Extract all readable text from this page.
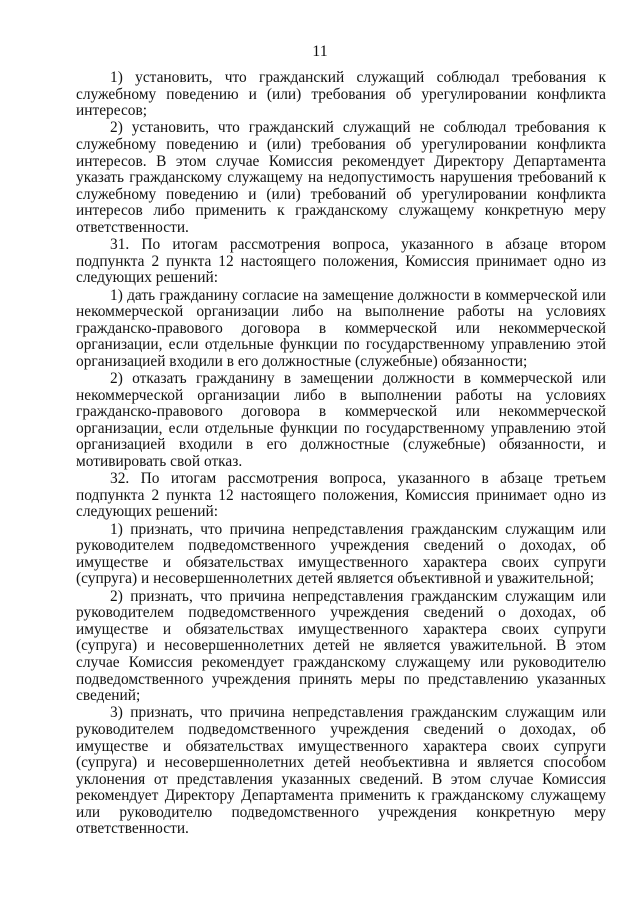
11

1) установить, что гражданский служащий соблюдал требования к служебному поведению и (или) требования об урегулировании конфликта интересов;

2) установить, что гражданский служащий не соблюдал требования к служебному поведению и (или) требования об урегулировании конфликта интересов. В этом случае Комиссия рекомендует Директору Департамента указать гражданскому служащему на недопустимость нарушения требований к служебному поведению и (или) требований об урегулировании конфликта интересов либо применить к гражданскому служащему конкретную меру ответственности.

31. По итогам рассмотрения вопроса, указанного в абзаце втором подпункта 2 пункта 12 настоящего положения, Комиссия принимает одно из следующих решений:

1) дать гражданину согласие на замещение должности в коммерческой или некоммерческой организации либо на выполнение работы на условиях гражданско-правового договора в коммерческой или некоммерческой организации, если отдельные функции по государственному управлению этой организацией входили в его должностные (служебные) обязанности;

2) отказать гражданину в замещении должности в коммерческой или некоммерческой организации либо в выполнении работы на условиях гражданско-правового договора в коммерческой или некоммерческой организации, если отдельные функции по государственному управлению этой организацией входили в его должностные (служебные) обязанности, и мотивировать свой отказ.

32. По итогам рассмотрения вопроса, указанного в абзаце третьем подпункта 2 пункта 12 настоящего положения, Комиссия принимает одно из следующих решений:

1) признать, что причина непредставления гражданским служащим или руководителем подведомственного учреждения сведений о доходах, об имуществе и обязательствах имущественного характера своих супруги (супруга) и несовершеннолетних детей является объективной и уважительной;

2) признать, что причина непредставления гражданским служащим или руководителем подведомственного учреждения сведений о доходах, об имуществе и обязательствах имущественного характера своих супруги (супруга) и несовершеннолетних детей не является уважительной. В этом случае Комиссия рекомендует гражданскому служащему или руководителю подведомственного учреждения принять меры по представлению указанных сведений;

3) признать, что причина непредставления гражданским служащим или руководителем подведомственного учреждения сведений о доходах, об имуществе и обязательствах имущественного характера своих супруги (супруга) и несовершеннолетних детей необъективна и является способом уклонения от представления указанных сведений. В этом случае Комиссия рекомендует Директору Департамента применить к гражданскому служащему или руководителю подведомственного учреждения конкретную меру ответственности.
